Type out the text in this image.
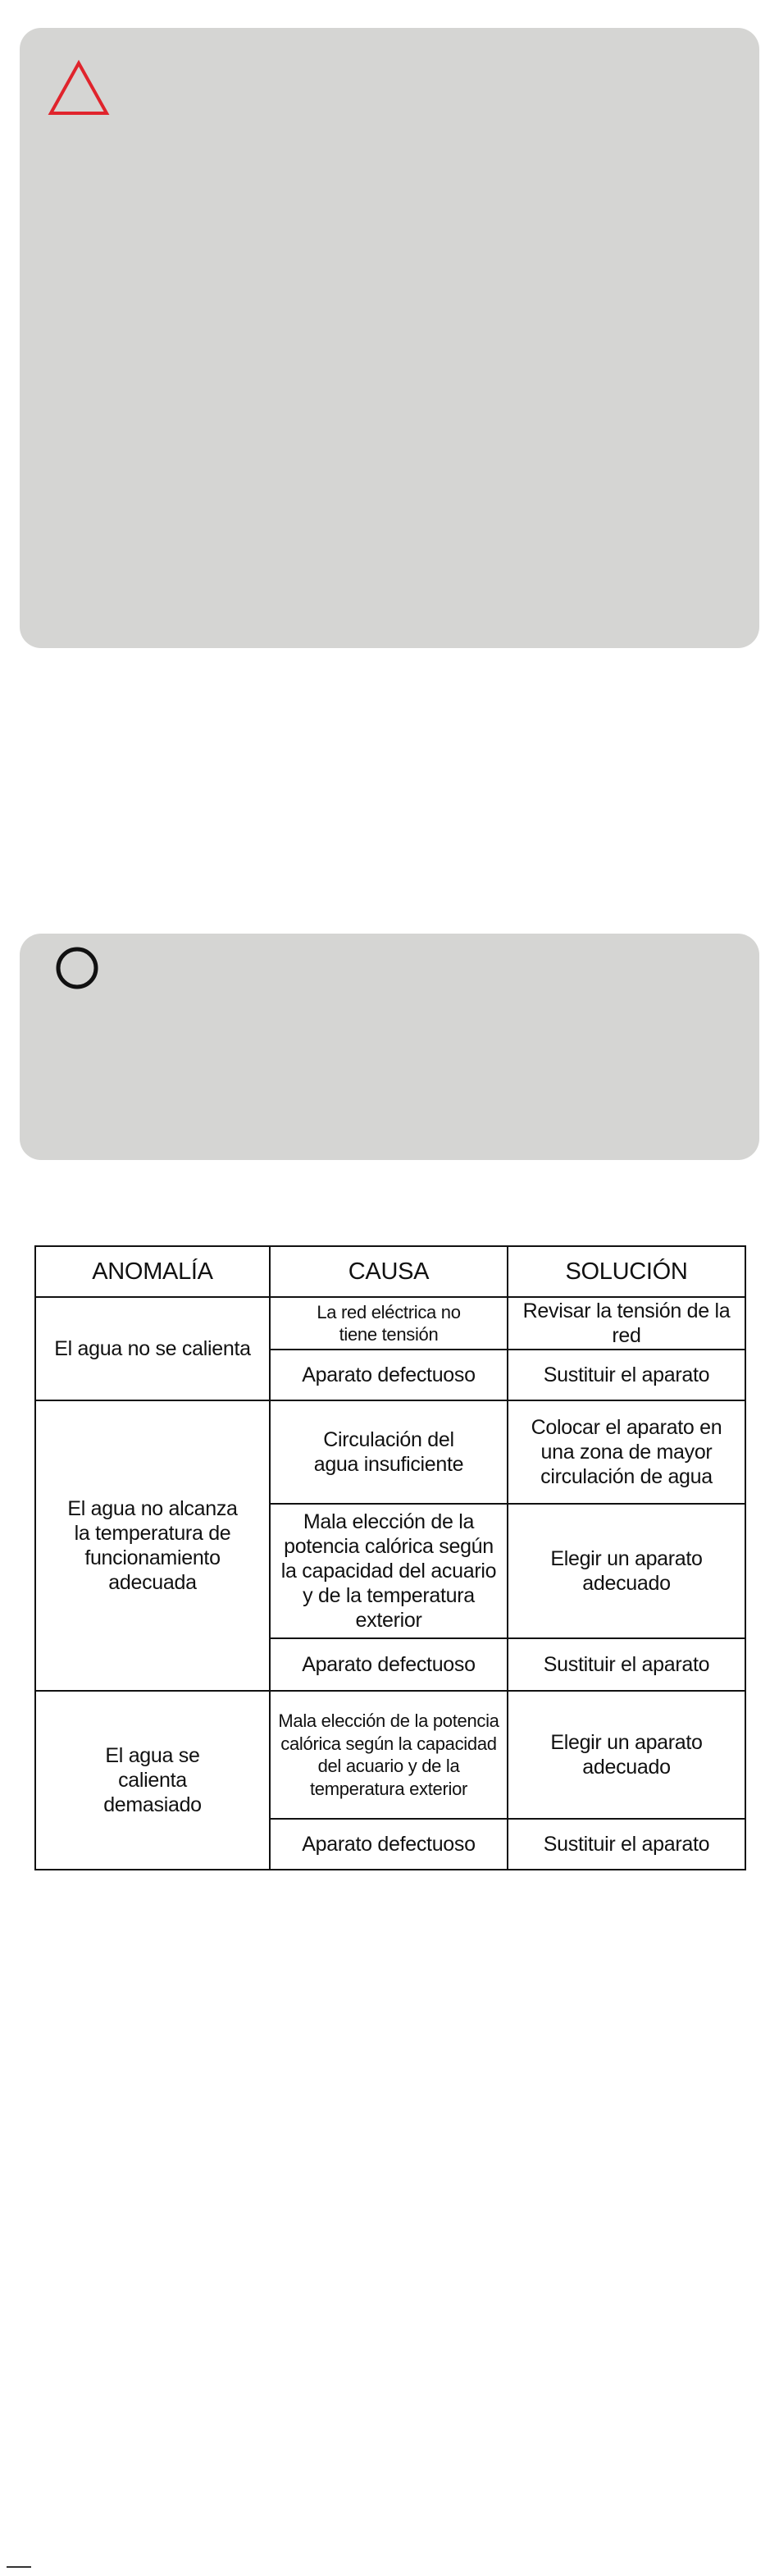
ANOMALÍA	CAUSA	SOLUCIÓN
El agua no se calienta	La red eléctrica no tiene tensión	Revisar la tensión de la red
	Aparato defectuoso	Sustituir el aparato
El agua no alcanza la temperatura de funcionamiento adecuada	Circulación del agua insuficiente	Colocar el aparato en una zona de mayor circulación de agua
	Mala elección de la potencia calórica según la capacidad del acuario y de la temperatura exterior	Elegir un aparato adecuado
	Aparato defectuoso	Sustituir el aparato
El agua se calienta demasiado	Mala elección de la potencia calórica según la capacidad del acuario y de la temperatura exterior	Elegir un aparato adecuado
	Aparato defectuoso	Sustituir el aparato
